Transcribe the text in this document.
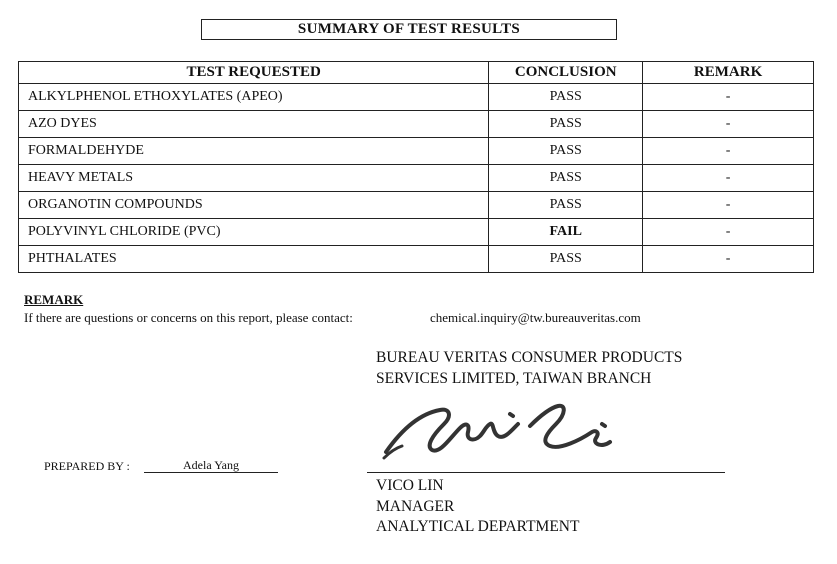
SUMMARY OF TEST RESULTS
TEST REQUESTED	CONCLUSION	REMARK
ALKYLPHENOL ETHOXYLATES (APEO)	PASS	-
AZO DYES	PASS	-
FORMALDEHYDE	PASS	-
HEAVY METALS	PASS	-
ORGANOTIN COMPOUNDS	PASS	-
POLYVINYL CHLORIDE (PVC)	FAIL	-
PHTHALATES	PASS	-
REMARK
If there are questions or concerns on this report, please contact:	chemical.inquiry@tw.bureauveritas.com
BUREAU VERITAS CONSUMER PRODUCTS
SERVICES LIMITED, TAIWAN BRANCH
VICO LIN
MANAGER
ANALYTICAL DEPARTMENT
PREPARED BY :	Adela Yang
